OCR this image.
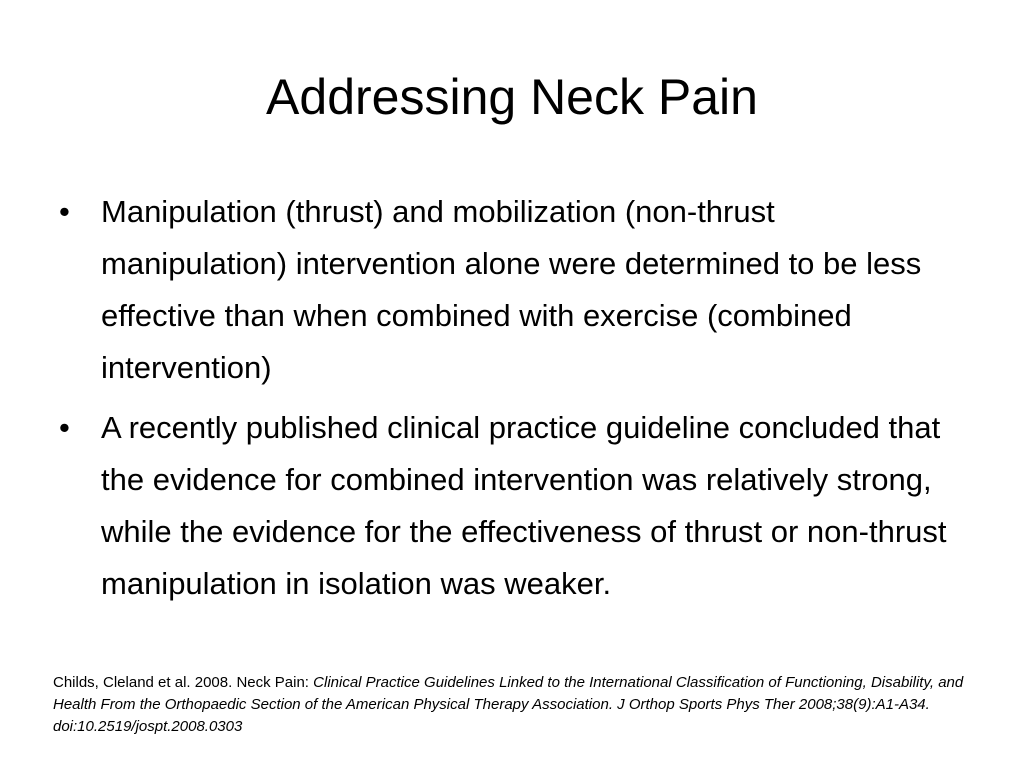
Addressing Neck Pain
• Manipulation (thrust) and mobilization (non-thrust manipulation) intervention alone were determined to be less effective than when combined with exercise (combined intervention)
• A recently published clinical practice guideline concluded that the evidence for combined intervention was relatively strong, while the evidence for the effectiveness of thrust or non-thrust manipulation in isolation was weaker.
Childs, Cleland et al. 2008. Neck Pain: Clinical Practice Guidelines Linked to the International Classification of Functioning, Disability, and Health From the Orthopaedic Section of the American Physical Therapy Association. J Orthop Sports Phys Ther 2008;38(9):A1-A34. doi:10.2519/jospt.2008.0303
